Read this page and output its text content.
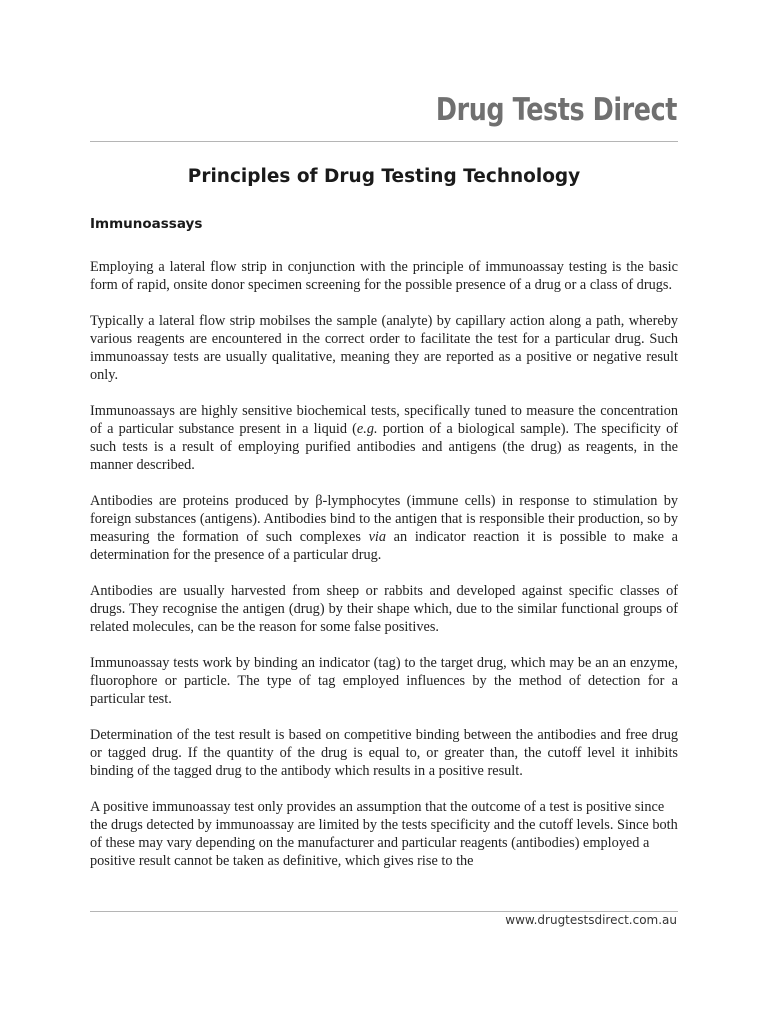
Drug Tests Direct
Principles of Drug Testing Technology
Immunoassays

Employing a lateral flow strip in conjunction with the principle of immunoassay testing is the basic form of rapid, onsite donor specimen screening for the possible presence of a drug or a class of drugs.

Typically a lateral flow strip mobilses the sample (analyte) by capillary action along a path, whereby various reagents are encountered in the correct order to facilitate the test for a particular drug. Such immunoassay tests are usually qualitative, meaning they are reported as a positive or negative result only.

Immunoassays are highly sensitive biochemical tests, specifically tuned to measure the concentration of a particular substance present in a liquid (e.g. portion of a biological sample). The specificity of such tests is a result of employing purified antibodies and antigens (the drug) as reagents, in the manner described.

Antibodies are proteins produced by β-lymphocytes (immune cells) in response to stimulation by foreign substances (antigens). Antibodies bind to the antigen that is responsible their production, so by measuring the formation of such complexes via an indicator reaction it is possible to make a determination for the presence of a particular drug.

Antibodies are usually harvested from sheep or rabbits and developed against specific classes of drugs. They recognise the antigen (drug) by their shape which, due to the similar functional groups of related molecules, can be the reason for some false positives.

Immunoassay tests work by binding an indicator (tag) to the target drug, which may be an an enzyme, fluorophore or particle. The type of tag employed influences by the method of detection for a particular test.

Determination of the test result is based on competitive binding between the antibodies and free drug or tagged drug. If the quantity of the drug is equal to, or greater than, the cutoff level it inhibits binding of the tagged drug to the antibody which results in a positive result.

A positive immunoassay test only provides an assumption that the outcome of a test is positive since the drugs detected by immunoassay are limited by the tests specificity and the cutoff levels. Since both of these may vary depending on the manufacturer and particular reagents (antibodies) employed a positive result cannot be taken as definitive, which gives rise to the

www.drugtestsdirect.com.au
